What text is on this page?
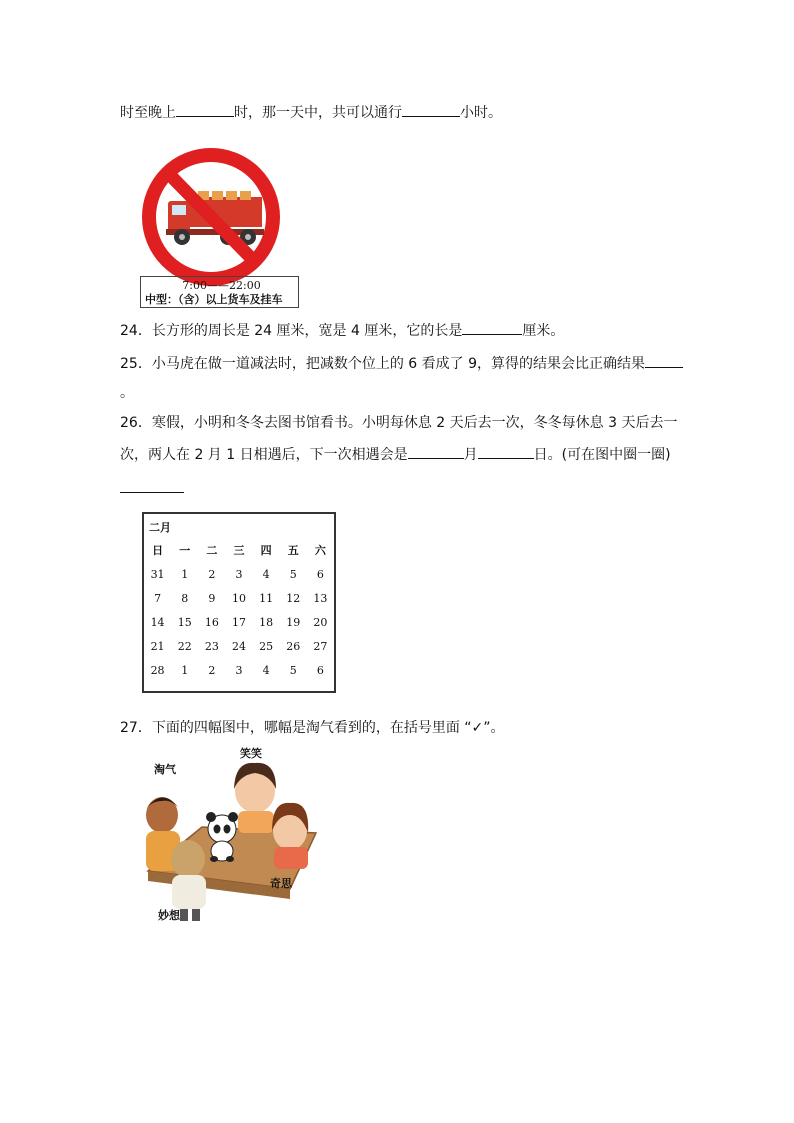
时至晚上	时，那一天中，共可以通行	小时。
7:00——22:00
中型：（含）以上货车及挂车
24．长方形的周长是 24 厘米，宽是 4 厘米，它的长是	厘米。
25．小马虎在做一道减法时，把减数个位上的 6 看成了 9，算得的结果会比正确结果
。
26．寒假，小明和冬冬去图书馆看书。小明每休息 2 天后去一次，冬冬每休息 3 天后去一
次，两人在 2 月 1 日相遇后，下一次相遇会是	月	日。(可在图中圈一圈)
二月
日	一	二	三	四	五	六
31	1	2	3	4	5	6
7	8	9	10	11	12	13
14	15	16	17	18	19	20
21	22	23	24	25	26	27
28	1	2	3	4	5	6
27．下面的四幅图中，哪幅是淘气看到的，在括号里面 “✓”。
淘气
笑笑
奇思
妙想
